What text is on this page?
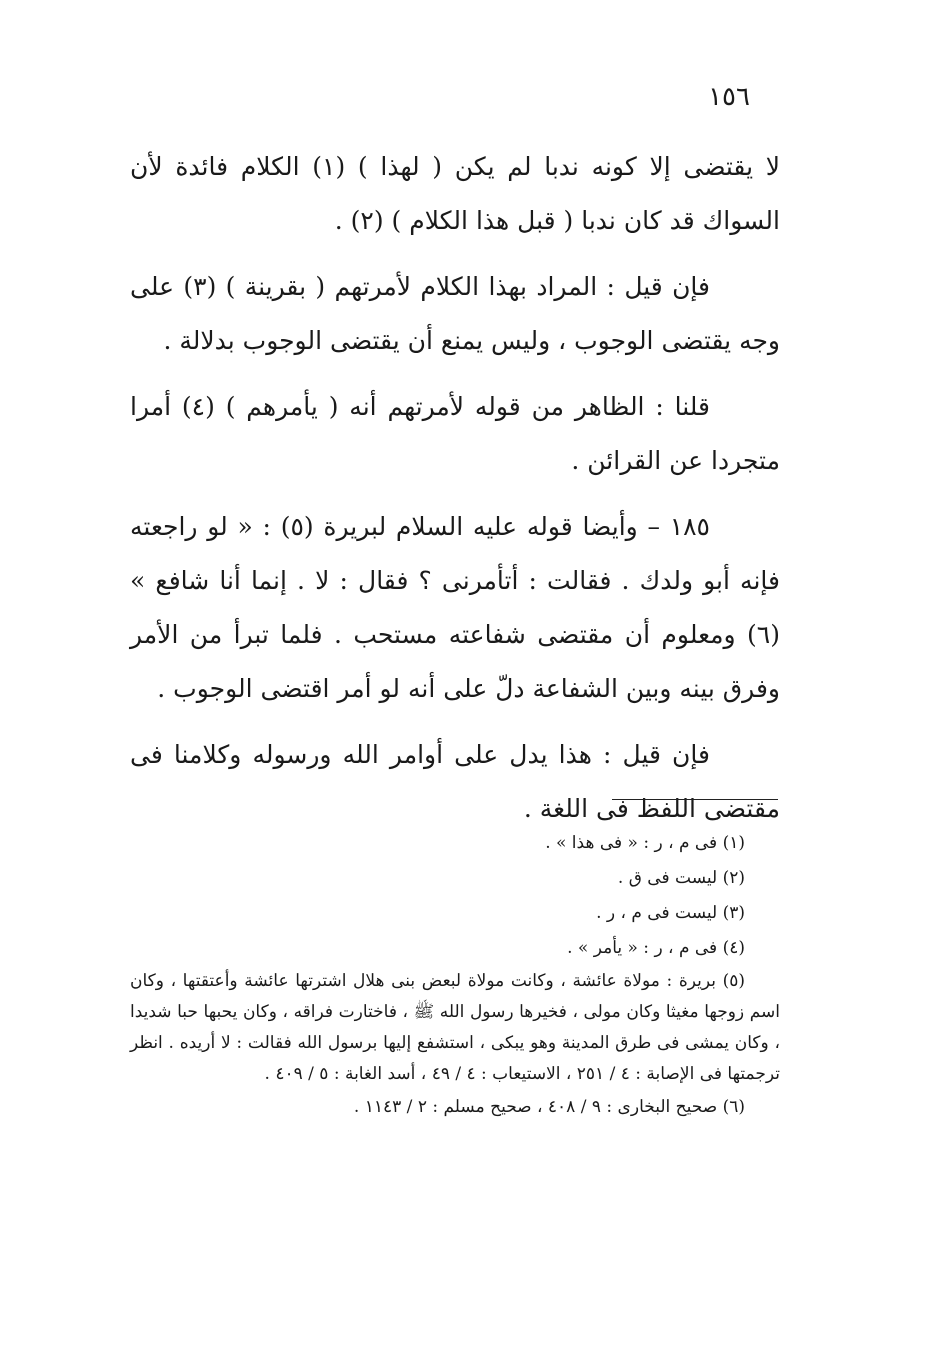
١٥٦

لا يقتضى إلا كونه ندبا لم يكن ( لهذا ) (١) الكلام فائدة لأن السواك قد كان ندبا ( قبل هذا الكلام ) (٢) .

فإن قيل : المراد بهذا الكلام لأمرتهم ( بقرينة ) (٣) على وجه يقتضى الوجوب ، وليس يمنع أن يقتضى الوجوب بدلالة .

قلنا : الظاهر من قوله لأمرتهم أنه ( يأمرهم ) (٤) أمرا متجردا عن القرائن .

١٨٥ – وأيضا قوله عليه السلام لبريرة (٥) : « لو راجعته فإنه أبو ولدك . فقالت : أتأمرنى ؟ فقال : لا . إنما أنا شافع » (٦) ومعلوم أن مقتضى شفاعته مستحب . فلما تبرأ من الأمر وفرق بينه وبين الشفاعة دلّ على أنه لو أمر اقتضى الوجوب .

فإن قيل : هذا يدل على أوامر الله ورسوله وكلامنا فى مقتضى اللفظ فى اللغة .

(١) فى م ، ر : « فى هذا » .

(٢) ليست فى ق .

(٣) ليست فى م ، ر .

(٤) فى م ، ر : « يأمر » .

(٥) بريرة : مولاة عائشة ، وكانت مولاة لبعض بنى هلال اشترتها عائشة وأعتقتها ، وكان اسم زوجها مغيثا وكان مولى ، فخيرها رسول الله ﷺ ، فاختارت فراقه ، وكان يحبها حبا شديدا ، وكان يمشى فى طرق المدينة وهو يبكى ، استشفع إليها برسول الله فقالت : لا أريده . انظر ترجمتها فى الإصابة : ٤ / ٢٥١ ، الاستيعاب : ٤ / ٤٩ ، أسد الغابة : ٥ / ٤٠٩ .

(٦) صحيح البخارى : ٩ / ٤٠٨ ، صحيح مسلم : ٢ / ١١٤٣ .
